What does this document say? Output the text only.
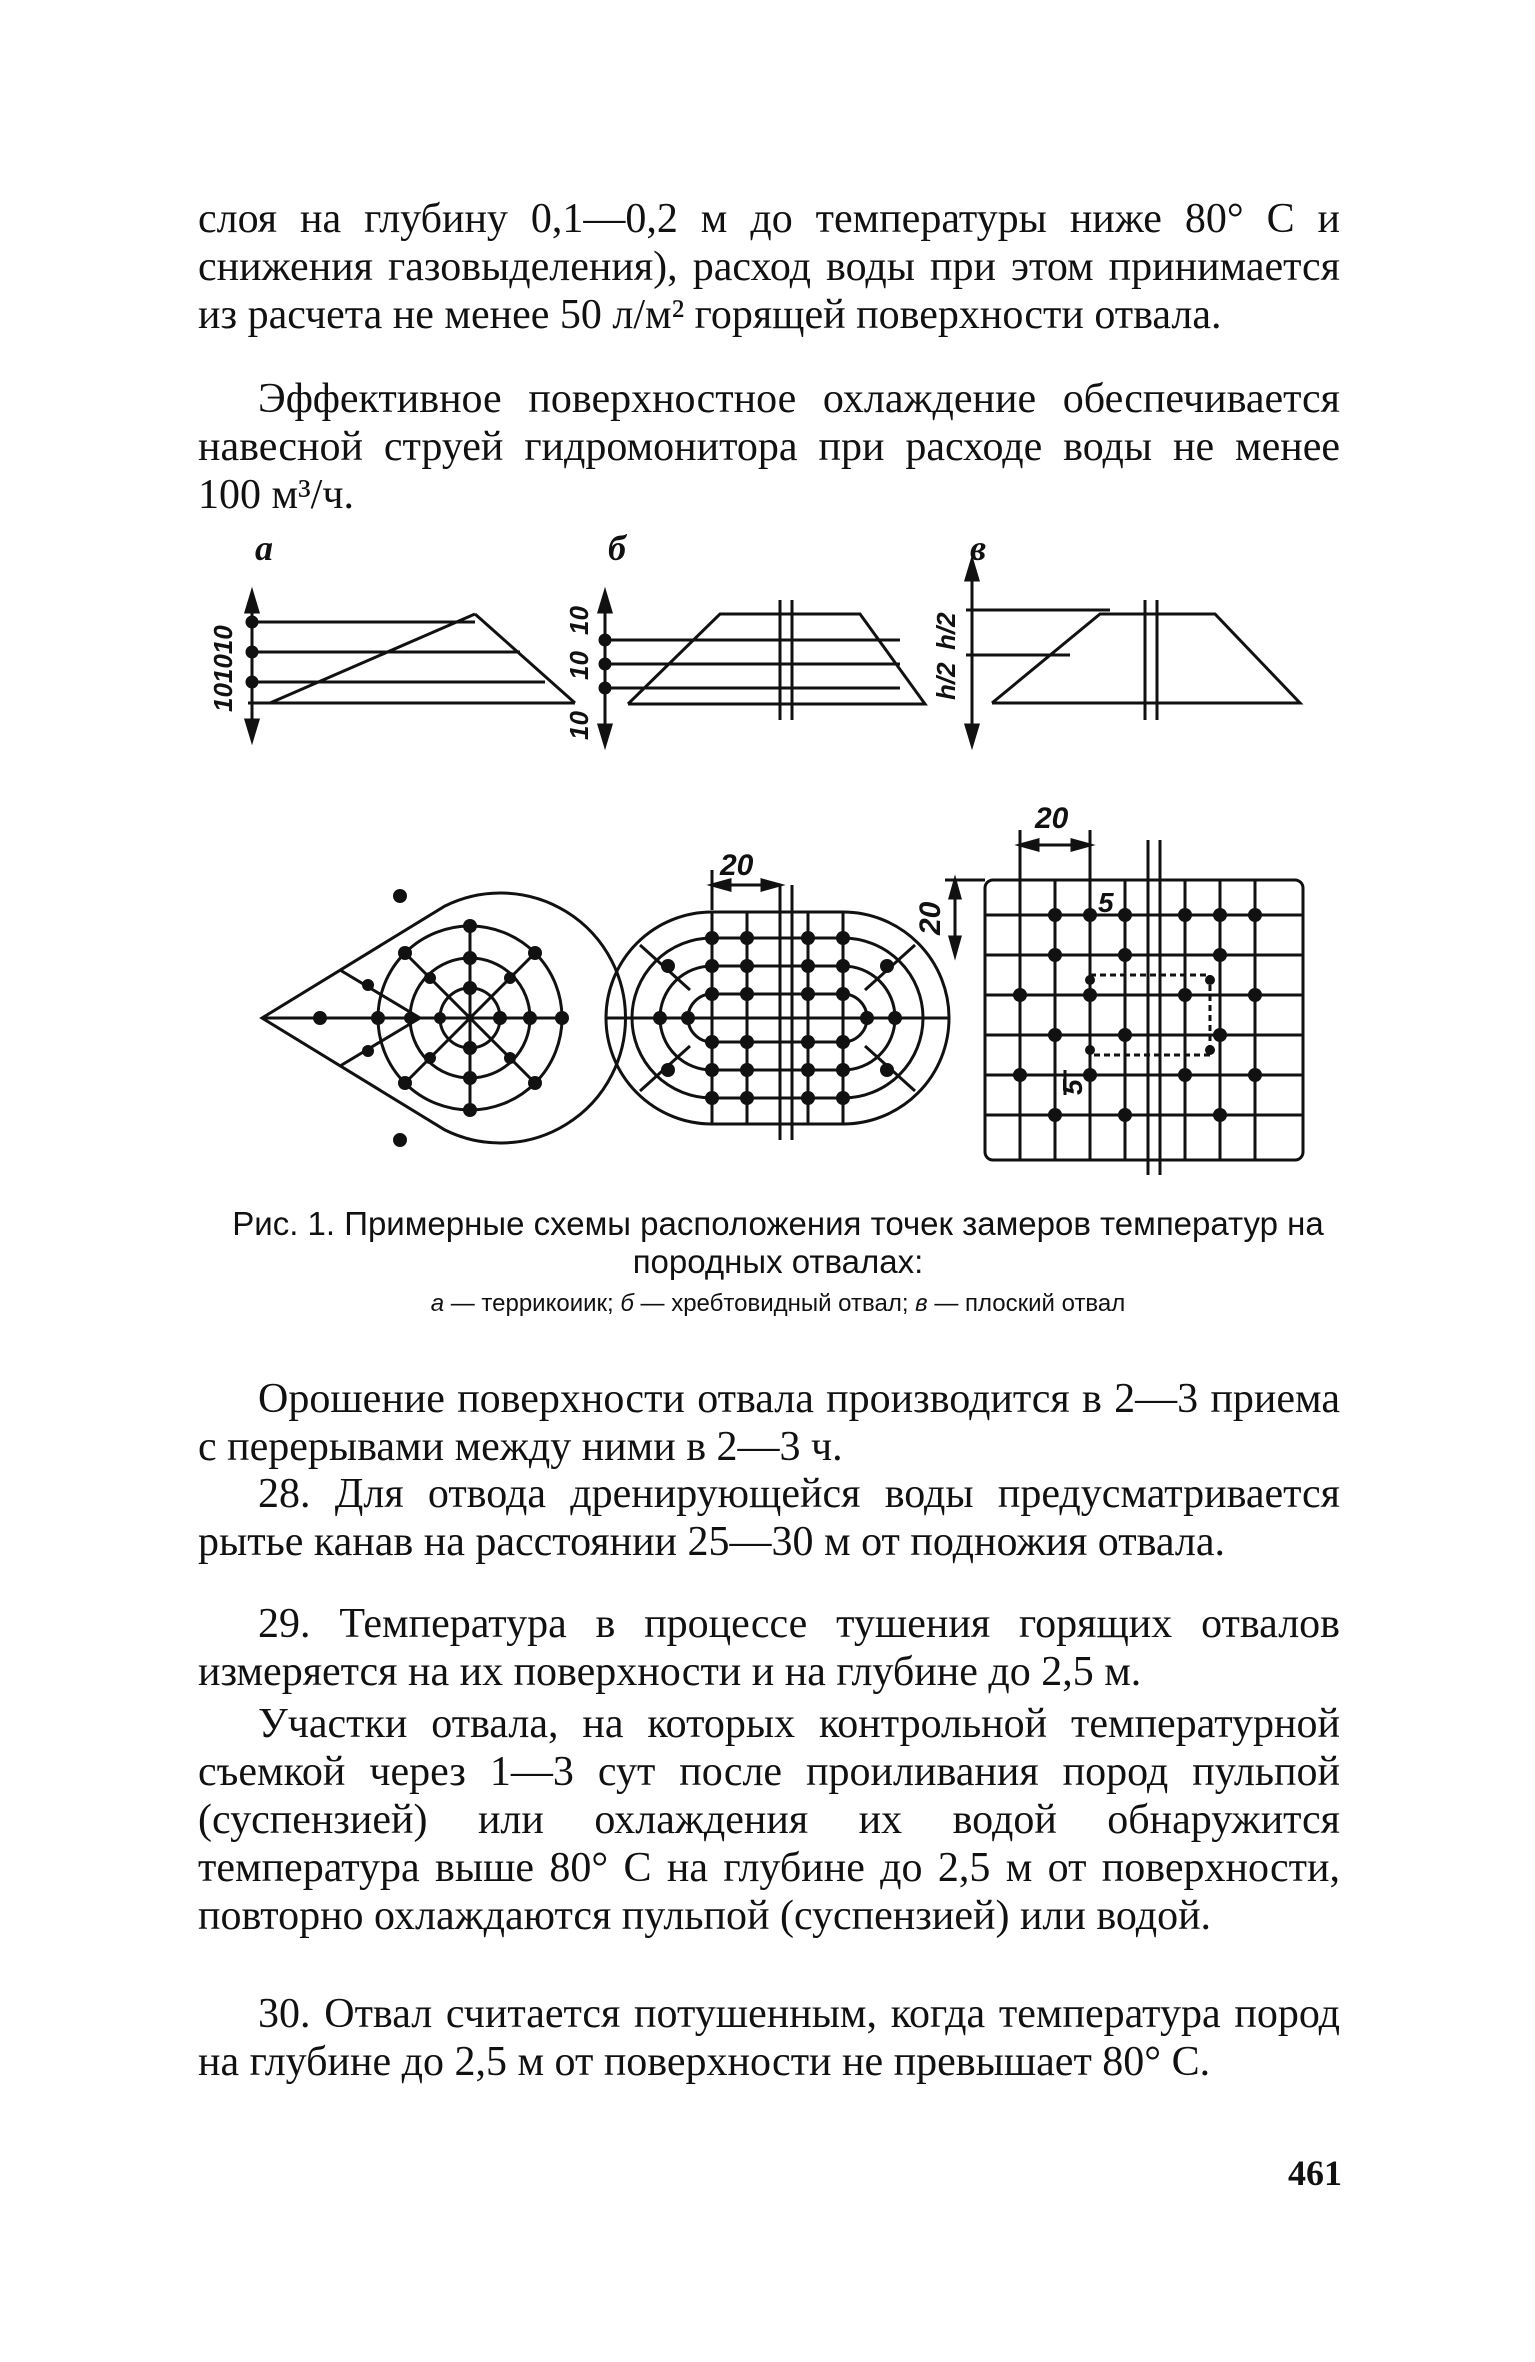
слоя на глубину 0,1—0,2 м до температуры ниже 80° С и снижения газовыделения), расход воды при этом принимается из расчета не менее 50 л/м² горящей поверхности отвала.

Эффективное поверхностное охлаждение обеспечивается навесной струей гидромонитора при расходе воды не менее 100 м³/ч.

а	б	в
101010
10
10
10
h/2
h/2
20
20
20	5
5

Рис. 1. Примерные схемы расположения точек замеров температур на породных отвалах:

а — террикоиик; б — хребтовидный отвал; в — плоский отвал

Орошение поверхности отвала производится в 2—3 приема с перерывами между ними в 2—3 ч.

28. Для отвода дренирующейся воды предусматривается рытье канав на расстоянии 25—30 м от подножия отвала.

29. Температура в процессе тушения горящих отвалов измеряется на их поверхности и на глубине до 2,5 м.

Участки отвала, на которых контрольной температурной съемкой через 1—3 сут после проиливания пород пульпой (суспензией) или охлаждения их водой обнаружится температура выше 80° С на глубине до 2,5 м от поверхности, повторно охлаждаются пульпой (суспензией) или водой.

30. Отвал считается потушенным, когда температура пород на глубине до 2,5 м от поверхности не превышает 80° С.

461
